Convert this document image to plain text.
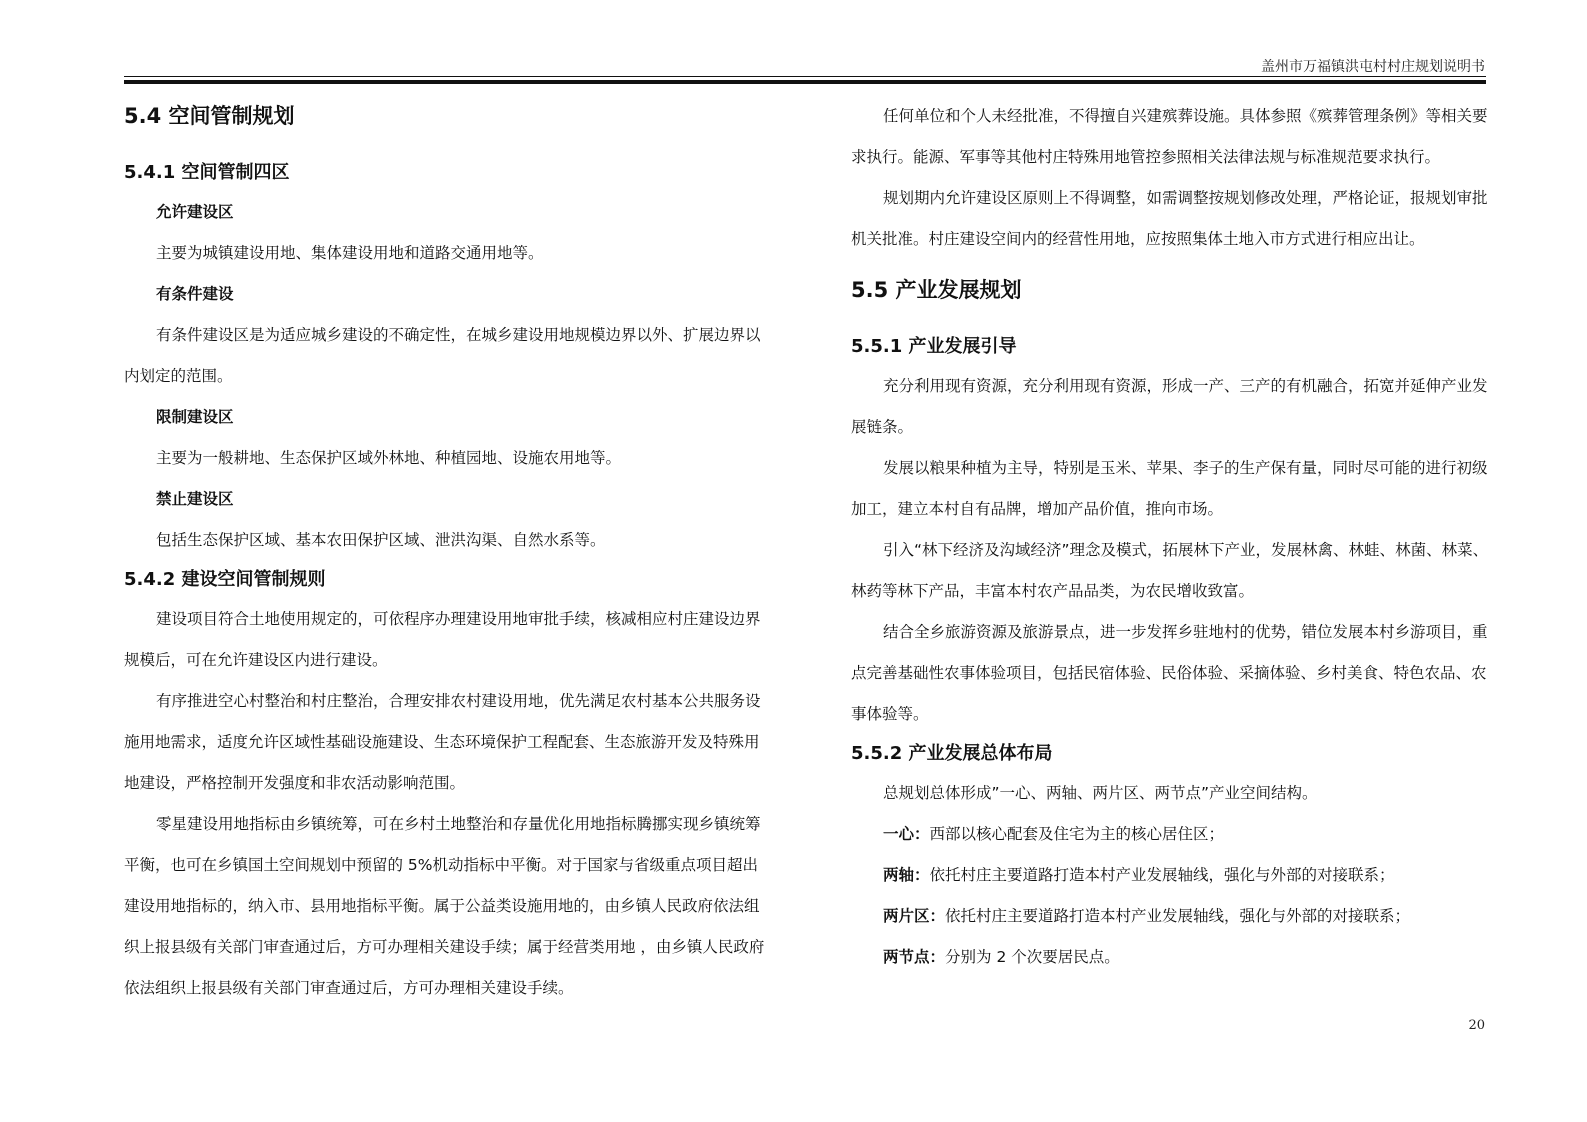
盖州市万福镇洪屯村村庄规划说明书
5.4 空间管制规划
5.4.1 空间管制四区
允许建设区

主要为城镇建设用地、集体建设用地和道路交通用地等。

有条件建设

有条件建设区是为适应城乡建设的不确定性，在城乡建设用地规模边界以外、扩展边界以内划定的范围。

限制建设区

主要为一般耕地、生态保护区域外林地、种植园地、设施农用地等。

禁止建设区

包括生态保护区域、基本农田保护区域、泄洪沟渠、自然水系等。

5.4.2 建设空间管制规则

建设项目符合土地使用规定的，可依程序办理建设用地审批手续，核减相应村庄建设边界规模后，可在允许建设区内进行建设。

有序推进空心村整治和村庄整治，合理安排农村建设用地，优先满足农村基本公共服务设施用地需求，适度允许区域性基础设施建设、生态环境保护工程配套、生态旅游开发及特殊用地建设，严格控制开发强度和非农活动影响范围。

零星建设用地指标由乡镇统筹，可在乡村土地整治和存量优化用地指标腾挪实现乡镇统筹平衡，也可在乡镇国土空间规划中预留的 5%机动指标中平衡。对于国家与省级重点项目超出建设用地指标的，纳入市、县用地指标平衡。属于公益类设施用地的，由乡镇人民政府依法组织上报县级有关部门审查通过后，方可办理相关建设手续；属于经营类用地 ，由乡镇人民政府依法组织上报县级有关部门审查通过后，方可办理相关建设手续。

任何单位和个人未经批准，不得擅自兴建殡葬设施。具体参照《殡葬管理条例》等相关要求执行。能源、军事等其他村庄特殊用地管控参照相关法律法规与标准规范要求执行。

规划期内允许建设区原则上不得调整，如需调整按规划修改处理，严格论证，报规划审批机关批准。村庄建设空间内的经营性用地，应按照集体土地入市方式进行相应出让。

5.5 产业发展规划
5.5.1 产业发展引导

充分利用现有资源，充分利用现有资源，形成一产、三产的有机融合，拓宽并延伸产业发展链条。

发展以粮果种植为主导，特别是玉米、苹果、李子的生产保有量，同时尽可能的进行初级加工，建立本村自有品牌，增加产品价值，推向市场。

引入“林下经济及沟域经济”理念及模式，拓展林下产业，发展林禽、林蛙、林菌、林菜、林药等林下产品，丰富本村农产品品类，为农民增收致富。

结合全乡旅游资源及旅游景点，进一步发挥乡驻地村的优势，错位发展本村乡游项目，重点完善基础性农事体验项目，包括民宿体验、民俗体验、采摘体验、乡村美食、特色农品、农事体验等。

5.5.2 产业发展总体布局

总规划总体形成”一心、两轴、两片区、两节点”产业空间结构。

一心：西部以核心配套及住宅为主的核心居住区；

两轴：依托村庄主要道路打造本村产业发展轴线，强化与外部的对接联系；

两片区：依托村庄主要道路打造本村产业发展轴线，强化与外部的对接联系；

两节点：分别为 2 个次要居民点。

20
